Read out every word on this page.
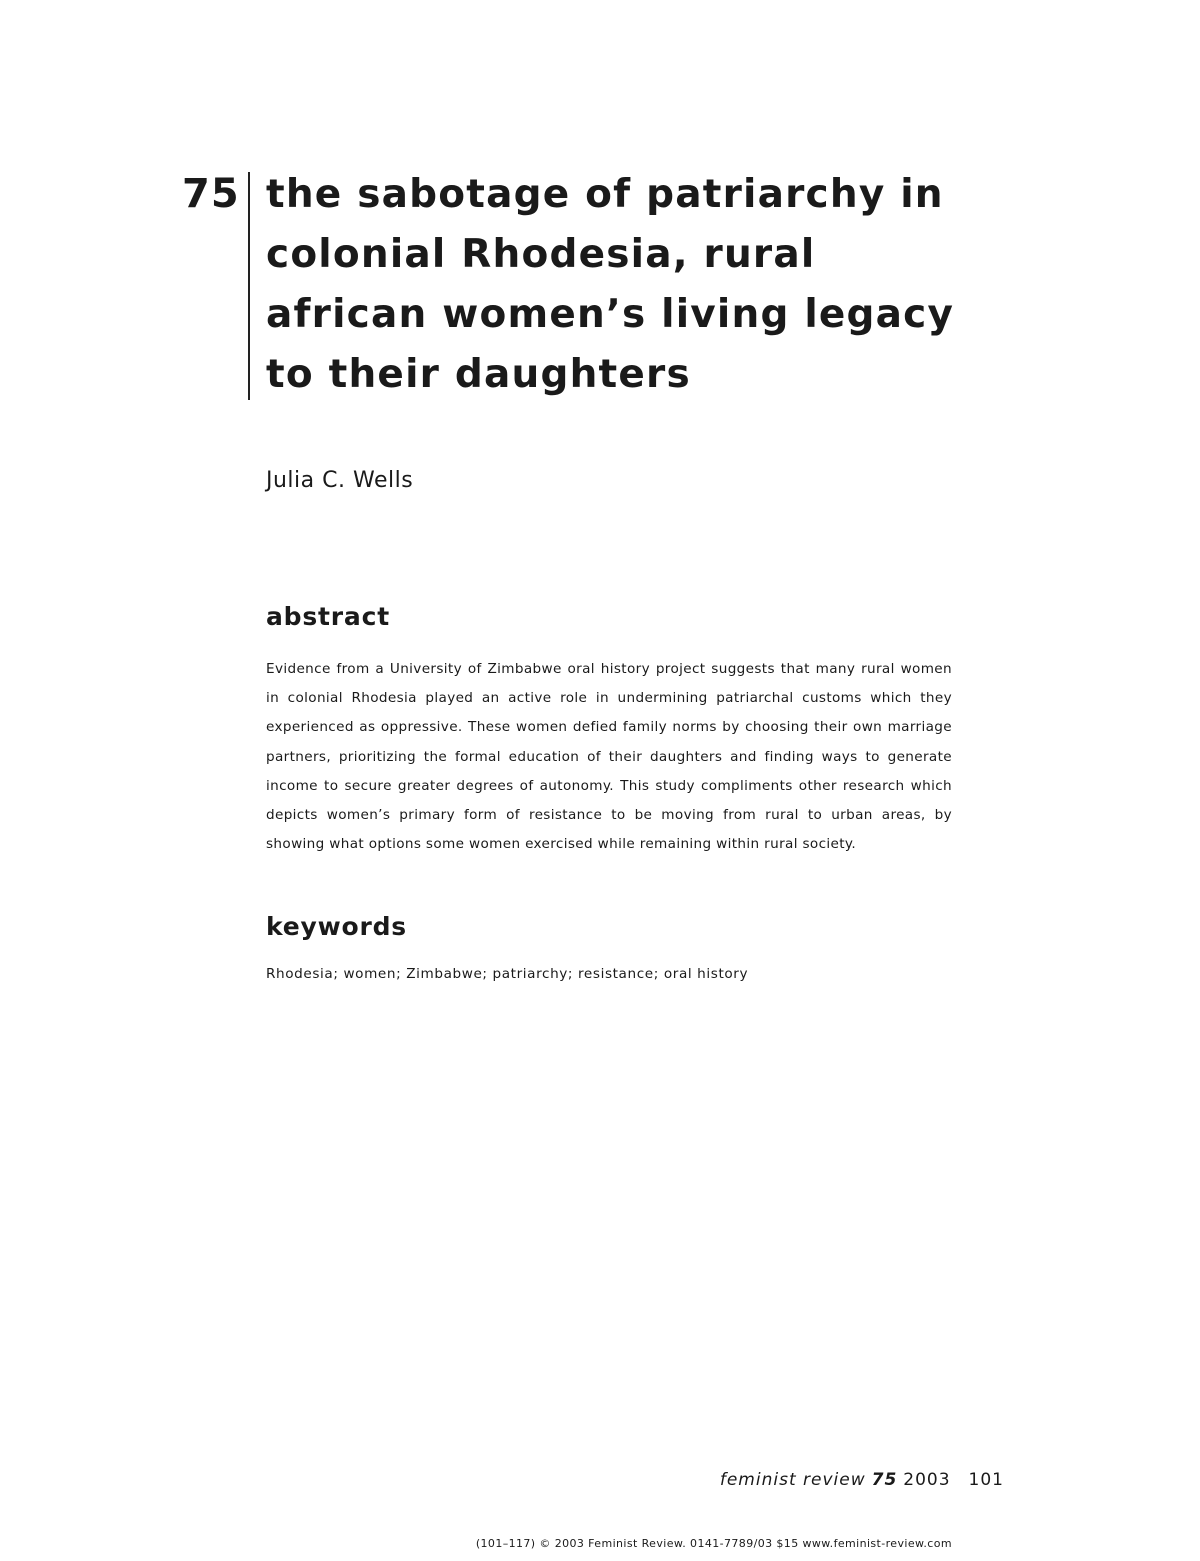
75 the sabotage of patriarchy in colonial Rhodesia, rural african women’s living legacy to their daughters
Julia C. Wells
abstract

Evidence from a University of Zimbabwe oral history project suggests that many rural women in colonial Rhodesia played an active role in undermining patriarchal customs which they experienced as oppressive. These women defied family norms by choosing their own marriage partners, prioritizing the formal education of their daughters and finding ways to generate income to secure greater degrees of autonomy. This study compliments other research which depicts women’s primary form of resistance to be moving from rural to urban areas, by showing what options some women exercised while remaining within rural society.

keywords

Rhodesia; women; Zimbabwe; patriarchy; resistance; oral history

feminist review 75 2003 101
(101–117) © 2003 Feminist Review. 0141-7789/03 $15 www.feminist-review.com
